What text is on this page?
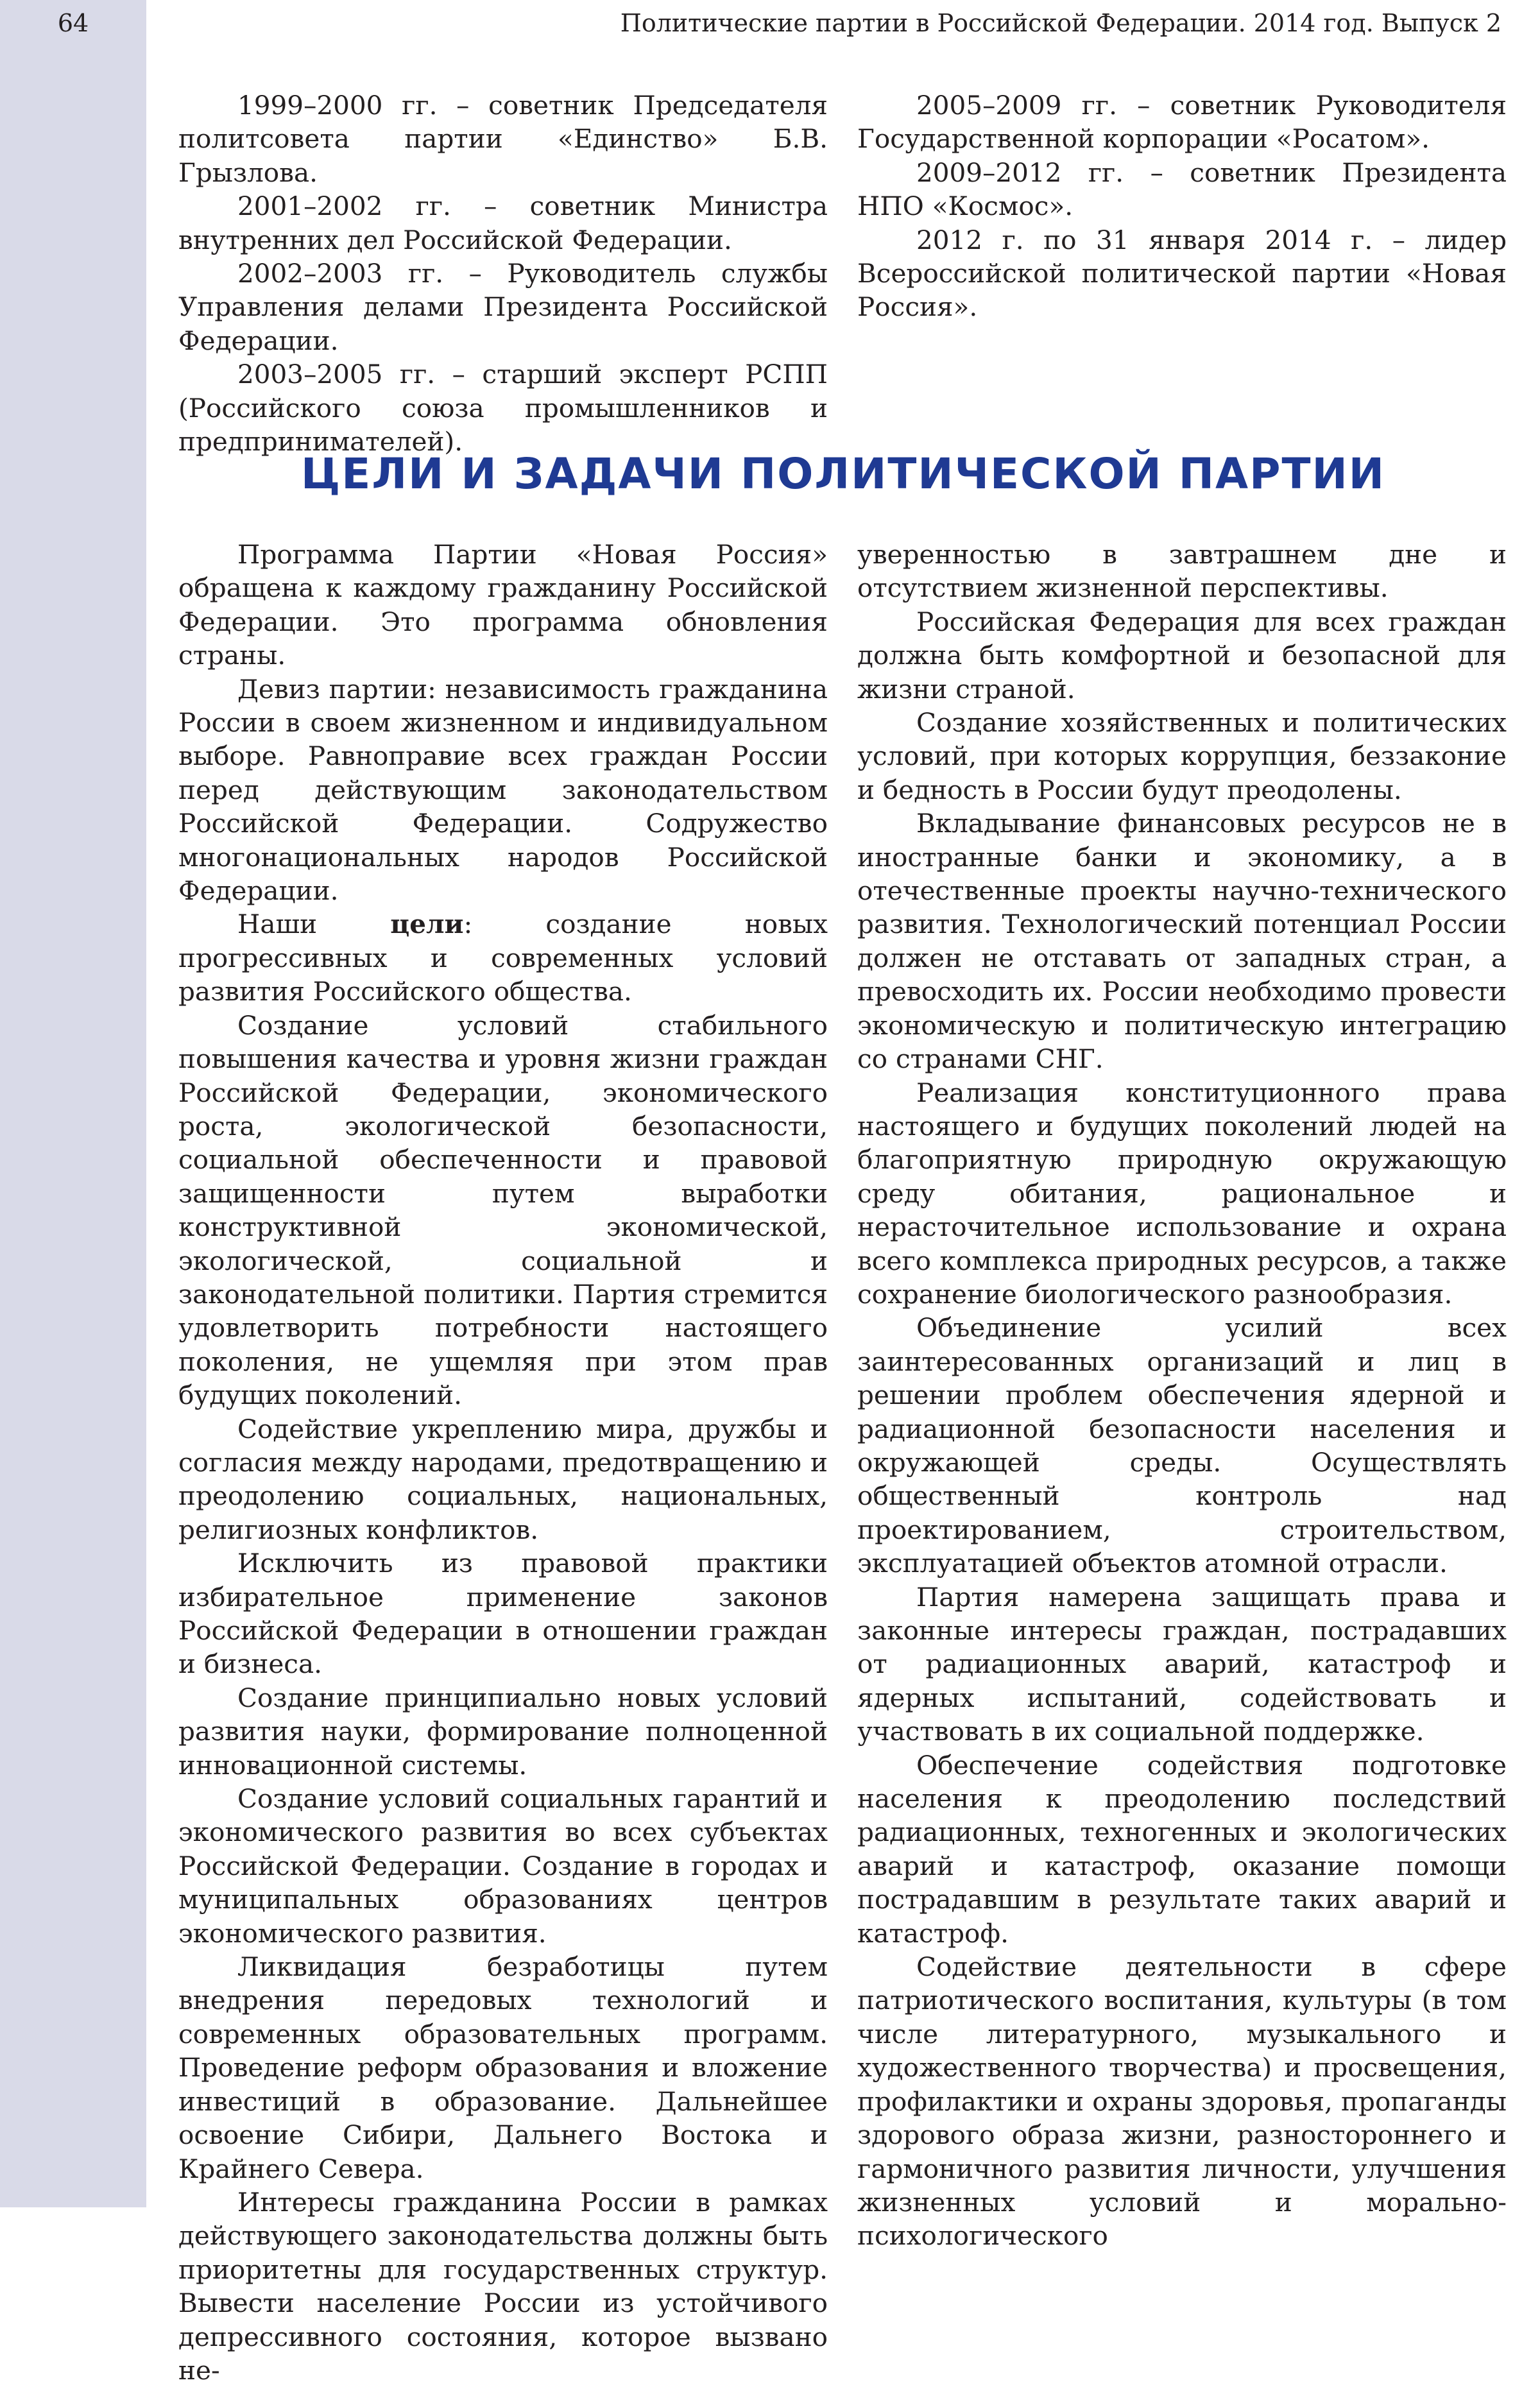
64	Политические партии в Российской Федерации. 2014 год. Выпуск 2

1999–2000 гг. – советник Председателя политсовета партии «Единство» Б.В. Грызлова.

2001–2002 гг. – советник Министра внутренних дел Российской Федерации.

2002–2003 гг. – Руководитель службы Управления делами Президента Российской Федерации.

2003–2005 гг. – старший эксперт РСПП (Российского союза промышленников и предпринимателей).

2005–2009 гг. – советник Руководителя Государственной корпорации «Росатом».

2009–2012 гг. – советник Президента НПО «Космос».

2012 г. по 31 января 2014 г. – лидер Всероссийской политической партии «Новая Россия».

ЦЕЛИ И ЗАДАЧИ ПОЛИТИЧЕСКОЙ ПАРТИИ

Программа Партии «Новая Россия» обращена к каждому гражданину Российской Федерации. Это программа обновления страны.

Девиз партии: независимость гражданина России в своем жизненном и индивидуальном выборе. Равноправие всех граждан России перед действующим законодательством Российской Федерации. Содружество многонациональных народов Российской Федерации.

Наши цели: создание новых прогрессивных и современных условий развития Российского общества.

Создание условий стабильного повышения качества и уровня жизни граждан Российской Федерации, экономического роста, экологической безопасности, социальной обеспеченности и правовой защищенности путем выработки конструктивной экономической, экологической, социальной и законодательной политики. Партия стремится удовлетворить потребности настоящего поколения, не ущемляя при этом прав будущих поколений.

Содействие укреплению мира, дружбы и согласия между народами, предотвращению и преодолению социальных, национальных, религиозных конфликтов.

Исключить из правовой практики избирательное применение законов Российской Федерации в отношении граждан и бизнеса.

Создание принципиально новых условий развития науки, формирование полноценной инновационной системы.

Создание условий социальных гарантий и экономического развития во всех субъектах Российской Федерации. Создание в городах и муниципальных образованиях центров экономического развития.

Ликвидация безработицы путем внедрения передовых технологий и современных образовательных программ. Проведение реформ образования и вложение инвестиций в образование. Дальнейшее освоение Сибири, Дальнего Востока и Крайнего Севера.

Интересы гражданина России в рамках действующего законодательства должны быть приоритетны для государственных структур. Вывести население России из устойчивого депрессивного состояния, которое вызвано не-

уверенностью в завтрашнем дне и отсутствием жизненной перспективы.

Российская Федерация для всех граждан должна быть комфортной и безопасной для жизни страной.

Создание хозяйственных и политических условий, при которых коррупция, беззаконие и бедность в России будут преодолены.

Вкладывание финансовых ресурсов не в иностранные банки и экономику, а в отечественные проекты научно-технического развития. Технологический потенциал России должен не отставать от западных стран, а превосходить их. России необходимо провести экономическую и политическую интеграцию со странами СНГ.

Реализация конституционного права настоящего и будущих поколений людей на благоприятную природную окружающую среду обитания, рациональное и нерасточительное использование и охрана всего комплекса природных ресурсов, а также сохранение биологического разнообразия.

Объединение усилий всех заинтересованных организаций и лиц в решении проблем обеспечения ядерной и радиационной безопасности населения и окружающей среды. Осуществлять общественный контроль над проектированием, строительством, эксплуатацией объектов атомной отрасли.

Партия намерена защищать права и законные интересы граждан, пострадавших от радиационных аварий, катастроф и ядерных испытаний, содействовать и участвовать в их социальной поддержке.

Обеспечение содействия подготовке населения к преодолению последствий радиационных, техногенных и экологических аварий и катастроф, оказание помощи пострадавшим в результате таких аварий и катастроф.

Содействие деятельности в сфере патриотического воспитания, культуры (в том числе литературного, музыкального и художественного творчества) и просвещения, профилактики и охраны здоровья, пропаганды здорового образа жизни, разностороннего и гармоничного развития личности, улучшения жизненных условий и морально-психологического
